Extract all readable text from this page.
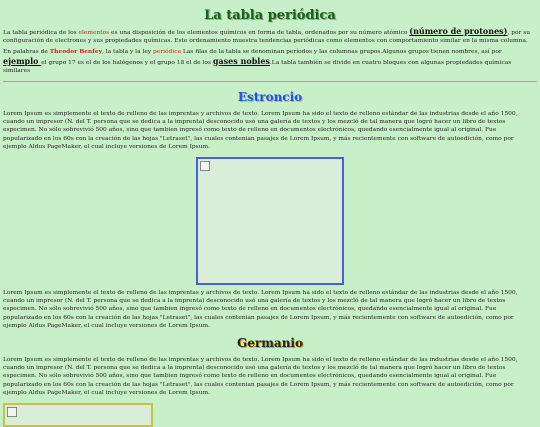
La tabla periódica

La tabla periódica de los elementos es una disposición de los elementos químicos en forma de tabla, ordenados por su número atómico (número de protones), por su configuración de electrones y sus propiedades químicas. Este ordenamiento muestra tendencias periódicas como elementos con comportamiento similar en la misma columna.

En palabras de Theodor Benfey, la tabla y la ley periódica Las filas de la tabla se denominan períodos y las columnas grupos.Algunos grupos tienen nombres, así por ejemplo el grupo 17 es el de los halógenos y el grupo 18 el de los gases nobles.La tabla también se divide en cuatro bloques con algunas propiedades químicas similares

Estroncio

Lorem Ipsum es simplemente el texto de relleno de las imprentas y archivos de texto. Lorem Ipsum ha sido el texto de relleno estándar de las industrias desde el año 1500, cuando un impresor (N. del T. persona que se dedica a la imprenta) desconocido usó una galería de textos y los mezcló de tal manera que logró hacer un libro de textos especimen. No sólo sobrevivió 500 años, sino que tambien ingresó como texto de relleno en documentos electrónicos, quedando esencialmente igual al original. Fue popularizado en los 60s con la creación de las hojas "Letraset", las cuales contenian pasajes de Lorem Ipsum, y más recientemente con software de autoedición, como por ejemplo Aldus PageMaker, el cual incluye versiones de Lorem Ipsum.

Lorem Ipsum es simplemente el texto de relleno de las imprentas y archivos de texto. Lorem Ipsum ha sido el texto de relleno estándar de las industrias desde el año 1500, cuando un impresor (N. del T. persona que se dedica a la imprenta) desconocido usó una galería de textos y los mezcló de tal manera que logró hacer un libro de textos especimen. No sólo sobrevivió 500 años, sino que tambien ingresó como texto de relleno en documentos electrónicos, quedando esencialmente igual al original. Fue popularizado en los 60s con la creación de las hojas "Letraset", las cuales contenian pasajes de Lorem Ipsum, y más recientemente con software de autoedición, como por ejemplo Aldus PageMaker, el cual incluye versiones de Lorem Ipsum.

Germanio

Lorem Ipsum es simplemente el texto de relleno de las imprentas y archivos de texto. Lorem Ipsum ha sido el texto de relleno estándar de las industrias desde el año 1500, cuando un impresor (N. del T. persona que se dedica a la imprenta) desconocido usó una galería de textos y los mezcló de tal manera que logró hacer un libro de textos especimen. No sólo sobrevivió 500 años, sino que tambien ingresó como texto de relleno en documentos electrónicos, quedando esencialmente igual al original. Fue popularizado en los 60s con la creación de las hojas "Letraset", las cuales contenian pasajes de Lorem Ipsum, y más recientemente con software de autoedición, como por ejemplo Aldus PageMaker, el cual incluye versiones de Lorem Ipsum.
